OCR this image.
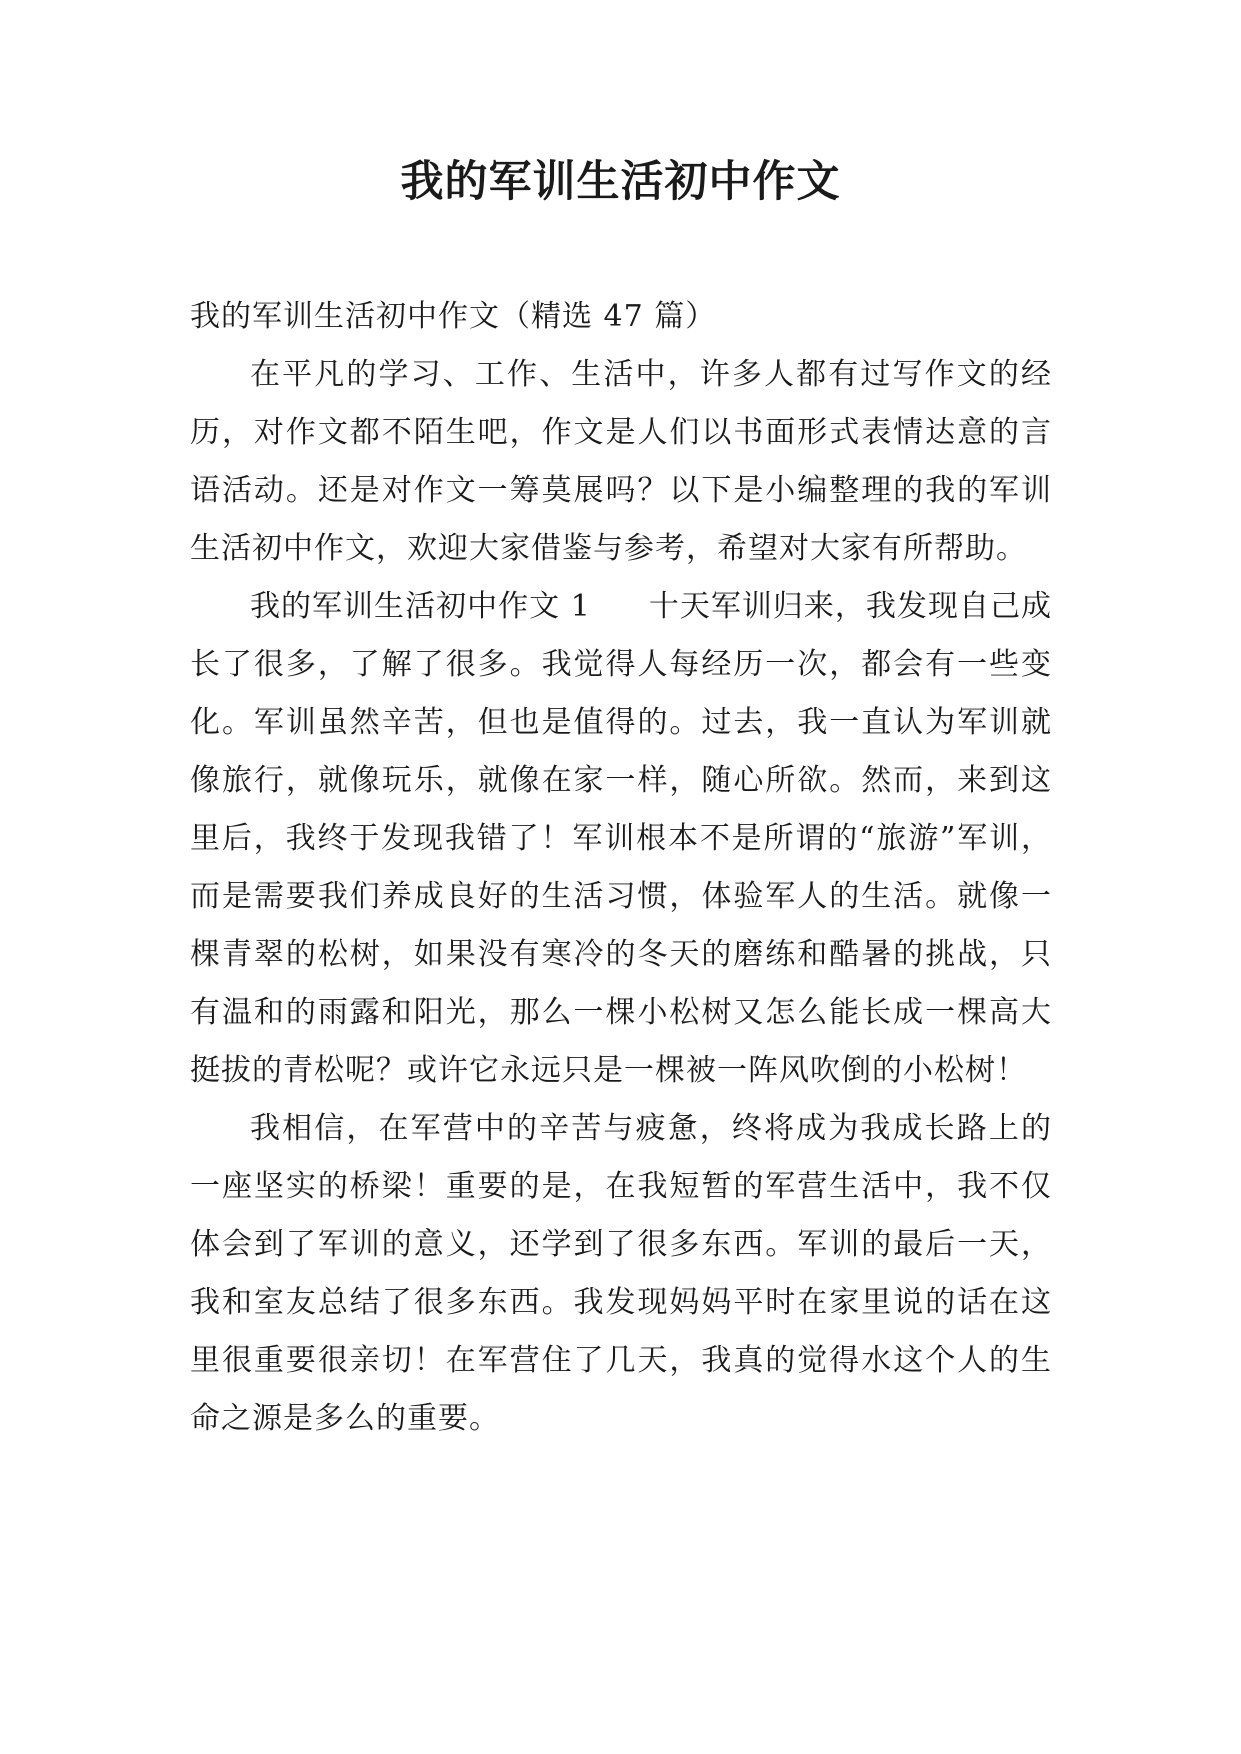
我的军训生活初中作文

我的军训生活初中作文（精选 47 篇）

在平凡的学习、工作、生活中，许多人都有过写作文的经历，对作文都不陌生吧，作文是人们以书面形式表情达意的言语活动。还是对作文一筹莫展吗？以下是小编整理的我的军训生活初中作文，欢迎大家借鉴与参考，希望对大家有所帮助。

我的军训生活初中作文 1 十天军训归来，我发现自己成长了很多，了解了很多。我觉得人每经历一次，都会有一些变化。军训虽然辛苦，但也是值得的。过去，我一直认为军训就像旅行，就像玩乐，就像在家一样，随心所欲。然而，来到这里后，我终于发现我错了！军训根本不是所谓的“旅游”军训，而是需要我们养成良好的生活习惯，体验军人的生活。就像一棵青翠的松树，如果没有寒冷的冬天的磨练和酷暑的挑战，只有温和的雨露和阳光，那么一棵小松树又怎么能长成一棵高大挺拔的青松呢？或许它永远只是一棵被一阵风吹倒的小松树！

我相信，在军营中的辛苦与疲惫，终将成为我成长路上的一座坚实的桥梁！重要的是，在我短暂的军营生活中，我不仅体会到了军训的意义，还学到了很多东西。军训的最后一天，我和室友总结了很多东西。我发现妈妈平时在家里说的话在这里很重要很亲切！在军营住了几天，我真的觉得水这个人的生命之源是多么的重要。
